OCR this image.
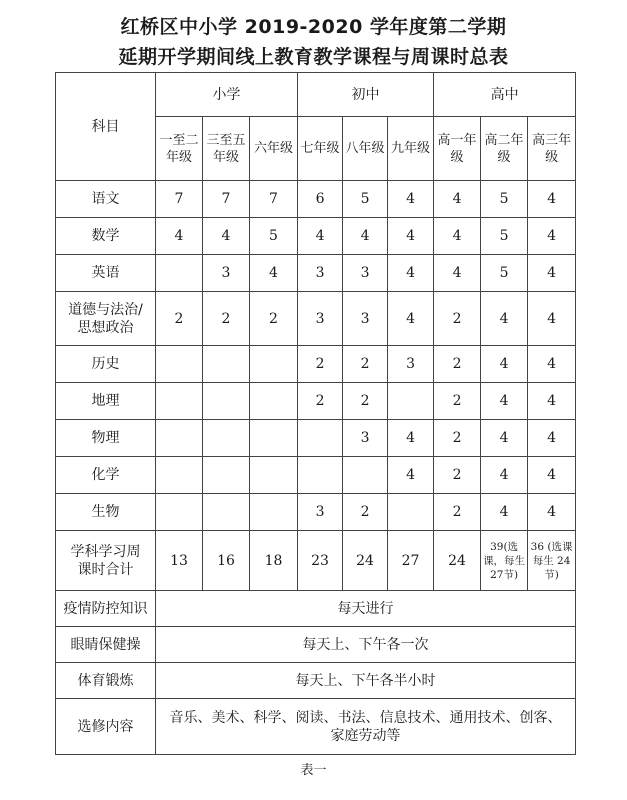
红桥区中小学 2019-2020 学年度第二学期
延期开学期间线上教育教学课程与周课时总表
科目	小学			初中			高中		
	一至二年级	三至五年级	六年级	七年级	八年级	九年级	高一年级	高二年级	高三年级
语文	7	7	7	6	5	4	4	5	4
数学	4	4	5	4	4	4	4	5	4
英语		3	4	3	3	4	4	5	4
道德与法治/思想政治	2	2	2	3	3	4	2	4	4
历史				2	2	3	2	4	4
地理				2	2		2	4	4
物理					3	4	2	4	4
化学						4	2	4	4
生物				3	2		2	4	4
学科学习周课时合计	13	16	18	23	24	27	24	39(选课，每生27节)	36 (选课每生 24 节)
疫情防控知识	每天进行								
眼睛保健操	每天上、下午各一次								
体育锻炼	每天上、下午各半小时								
选修内容	音乐、美术、科学、阅读、书法、信息技术、通用技术、创客、家庭劳动等								
表一
